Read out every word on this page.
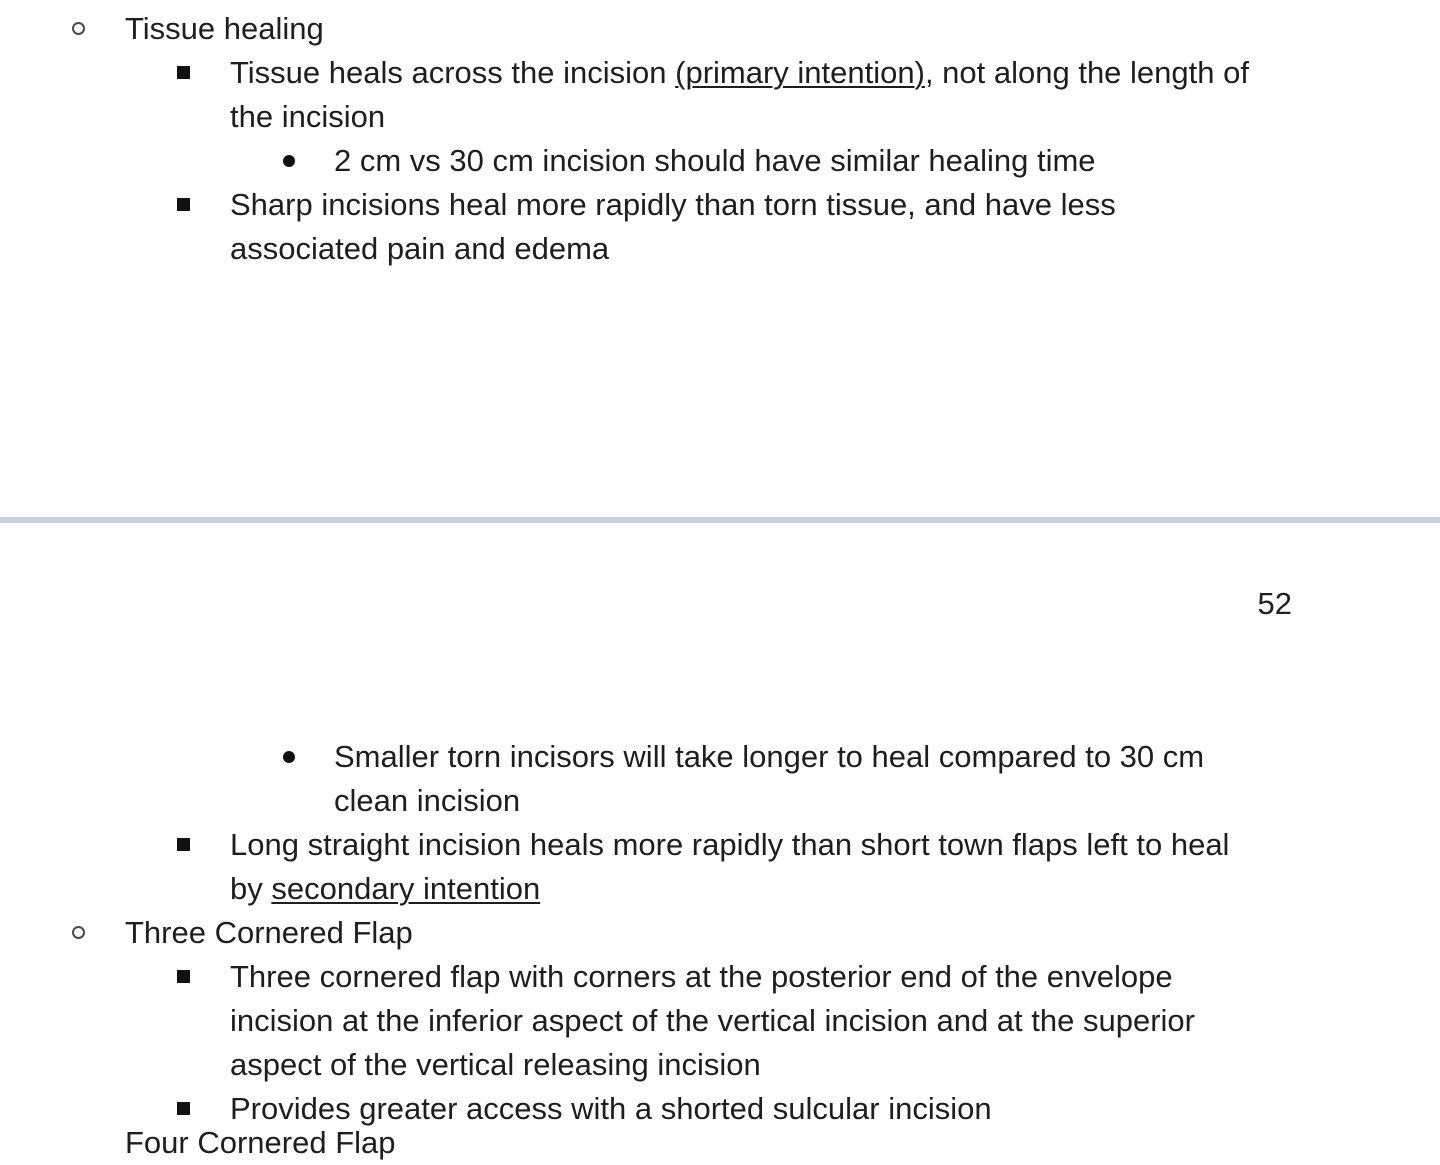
Tissue healing
Tissue heals across the incision (primary intention), not along the length of the incision
2 cm vs 30 cm incision should have similar healing time
Sharp incisions heal more rapidly than torn tissue, and have less associated pain and edema
52
Smaller torn incisors will take longer to heal compared to 30 cm clean incision
Long straight incision heals more rapidly than short town flaps left to heal by secondary intention
Three Cornered Flap
Three cornered flap with corners at the posterior end of the envelope incision at the inferior aspect of the vertical incision and at the superior aspect of the vertical releasing incision
Provides greater access with a shorted sulcular incision
Four Cornered Flap
